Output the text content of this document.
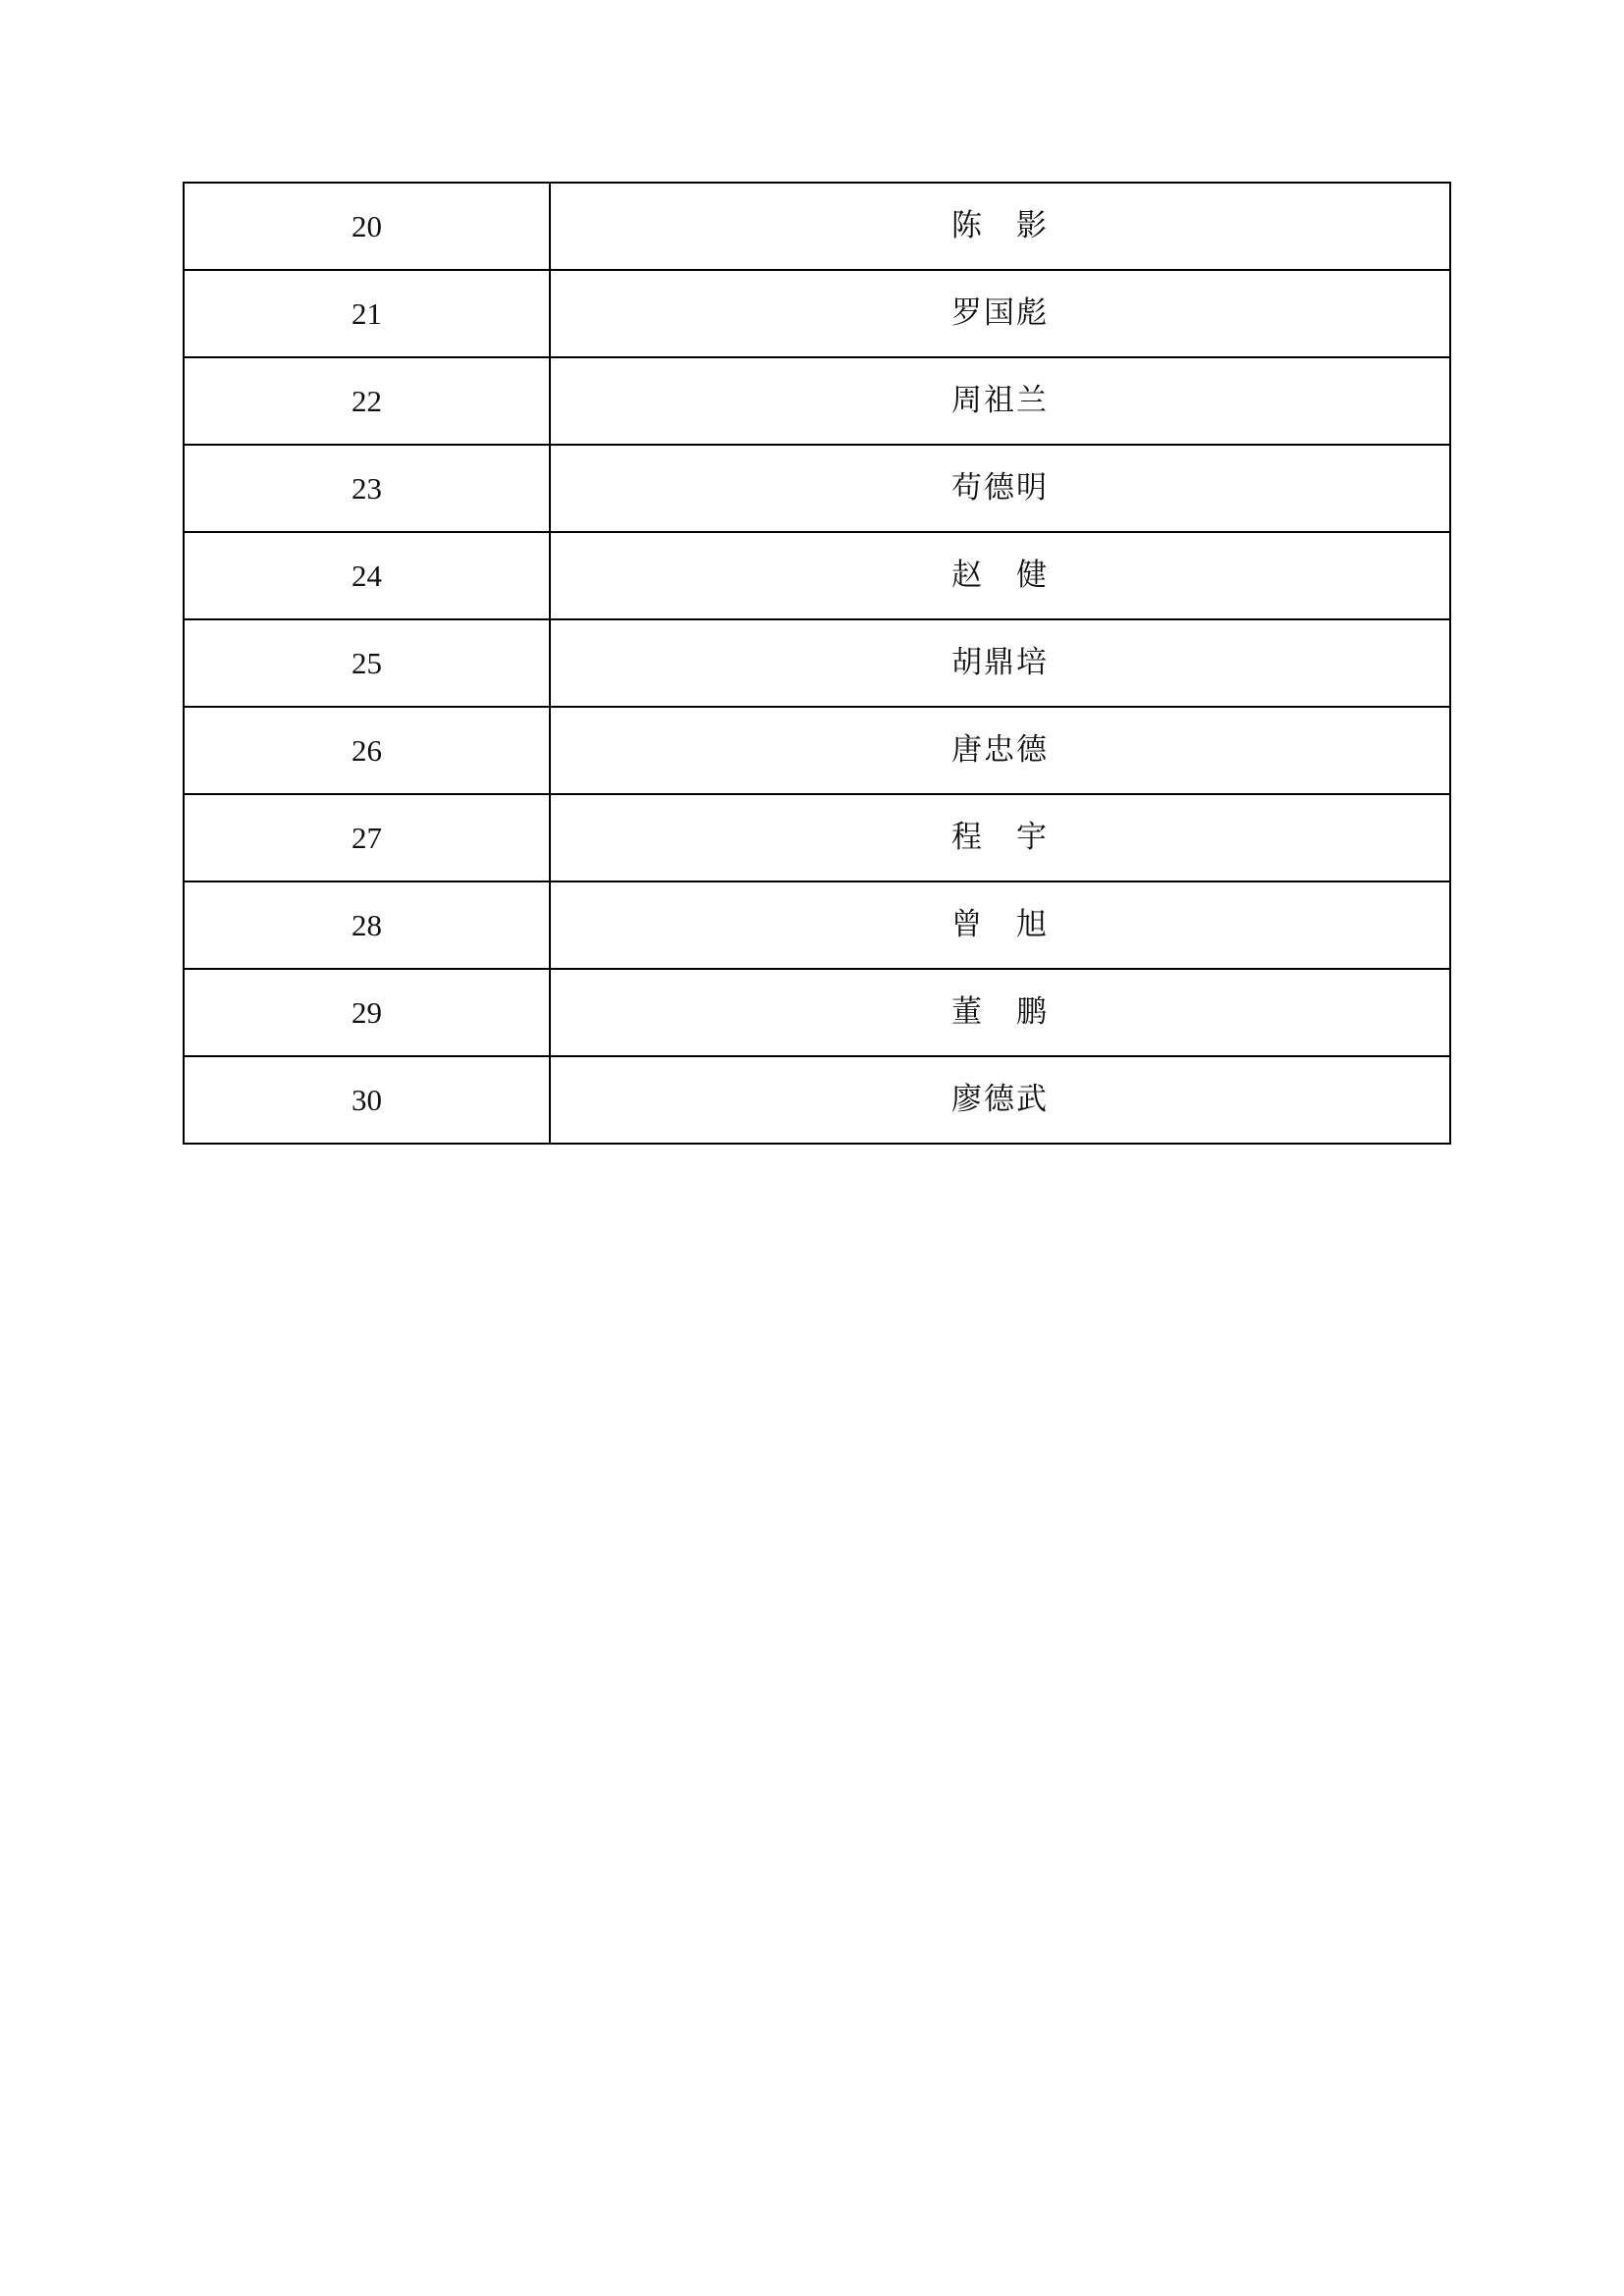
20	陈　影
21	罗国彪
22	周祖兰
23	苟德明
24	赵　健
25	胡鼎培
26	唐忠德
27	程　宇
28	曾　旭
29	董　鹏
30	廖德武
